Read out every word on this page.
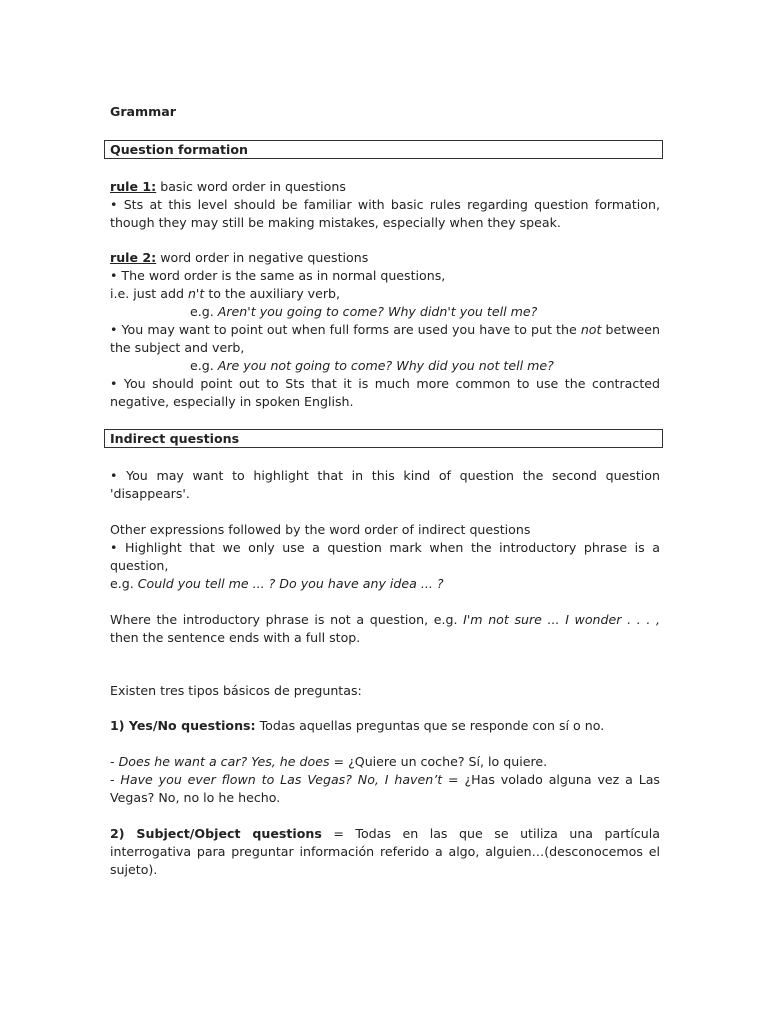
Grammar
Question formation

rule 1: basic word order in questions

• Sts at this level should be familiar with basic rules regarding question formation, though they may still be making mistakes, especially when they speak.

rule 2: word order in negative questions

• The word order is the same as in normal questions,

i.e. just add n't to the auxiliary verb,

e.g. Aren't you going to come? Why didn't you tell me?

• You may want to point out when full forms are used you have to put the not between the subject and verb,

e.g. Are you not going to come? Why did you not tell me?

• You should point out to Sts that it is much more common to use the contracted negative, especially in spoken English.

Indirect questions
• You may want to highlight that in this kind of question the second question 'disappears'.

Other expressions followed by the word order of indirect questions

• Highlight that we only use a question mark when the introductory phrase is a question,

e.g. Could you tell me ... ? Do you have any idea ... ?

Where the introductory phrase is not a question, e.g. I'm not sure ... I wonder . . . , then the sentence ends with a full stop.

Existen tres tipos básicos de preguntas:

1) Yes/No questions: Todas aquellas preguntas que se responde con sí o no.

- Does he want a car? Yes, he does = ¿Quiere un coche? Sí, lo quiere.

- Have you ever flown to Las Vegas? No, I haven’t = ¿Has volado alguna vez a Las Vegas? No, no lo he hecho.

2) Subject/Object questions = Todas en las que se utiliza una partícula interrogativa para preguntar información referido a algo, alguien…(desconocemos el sujeto).
